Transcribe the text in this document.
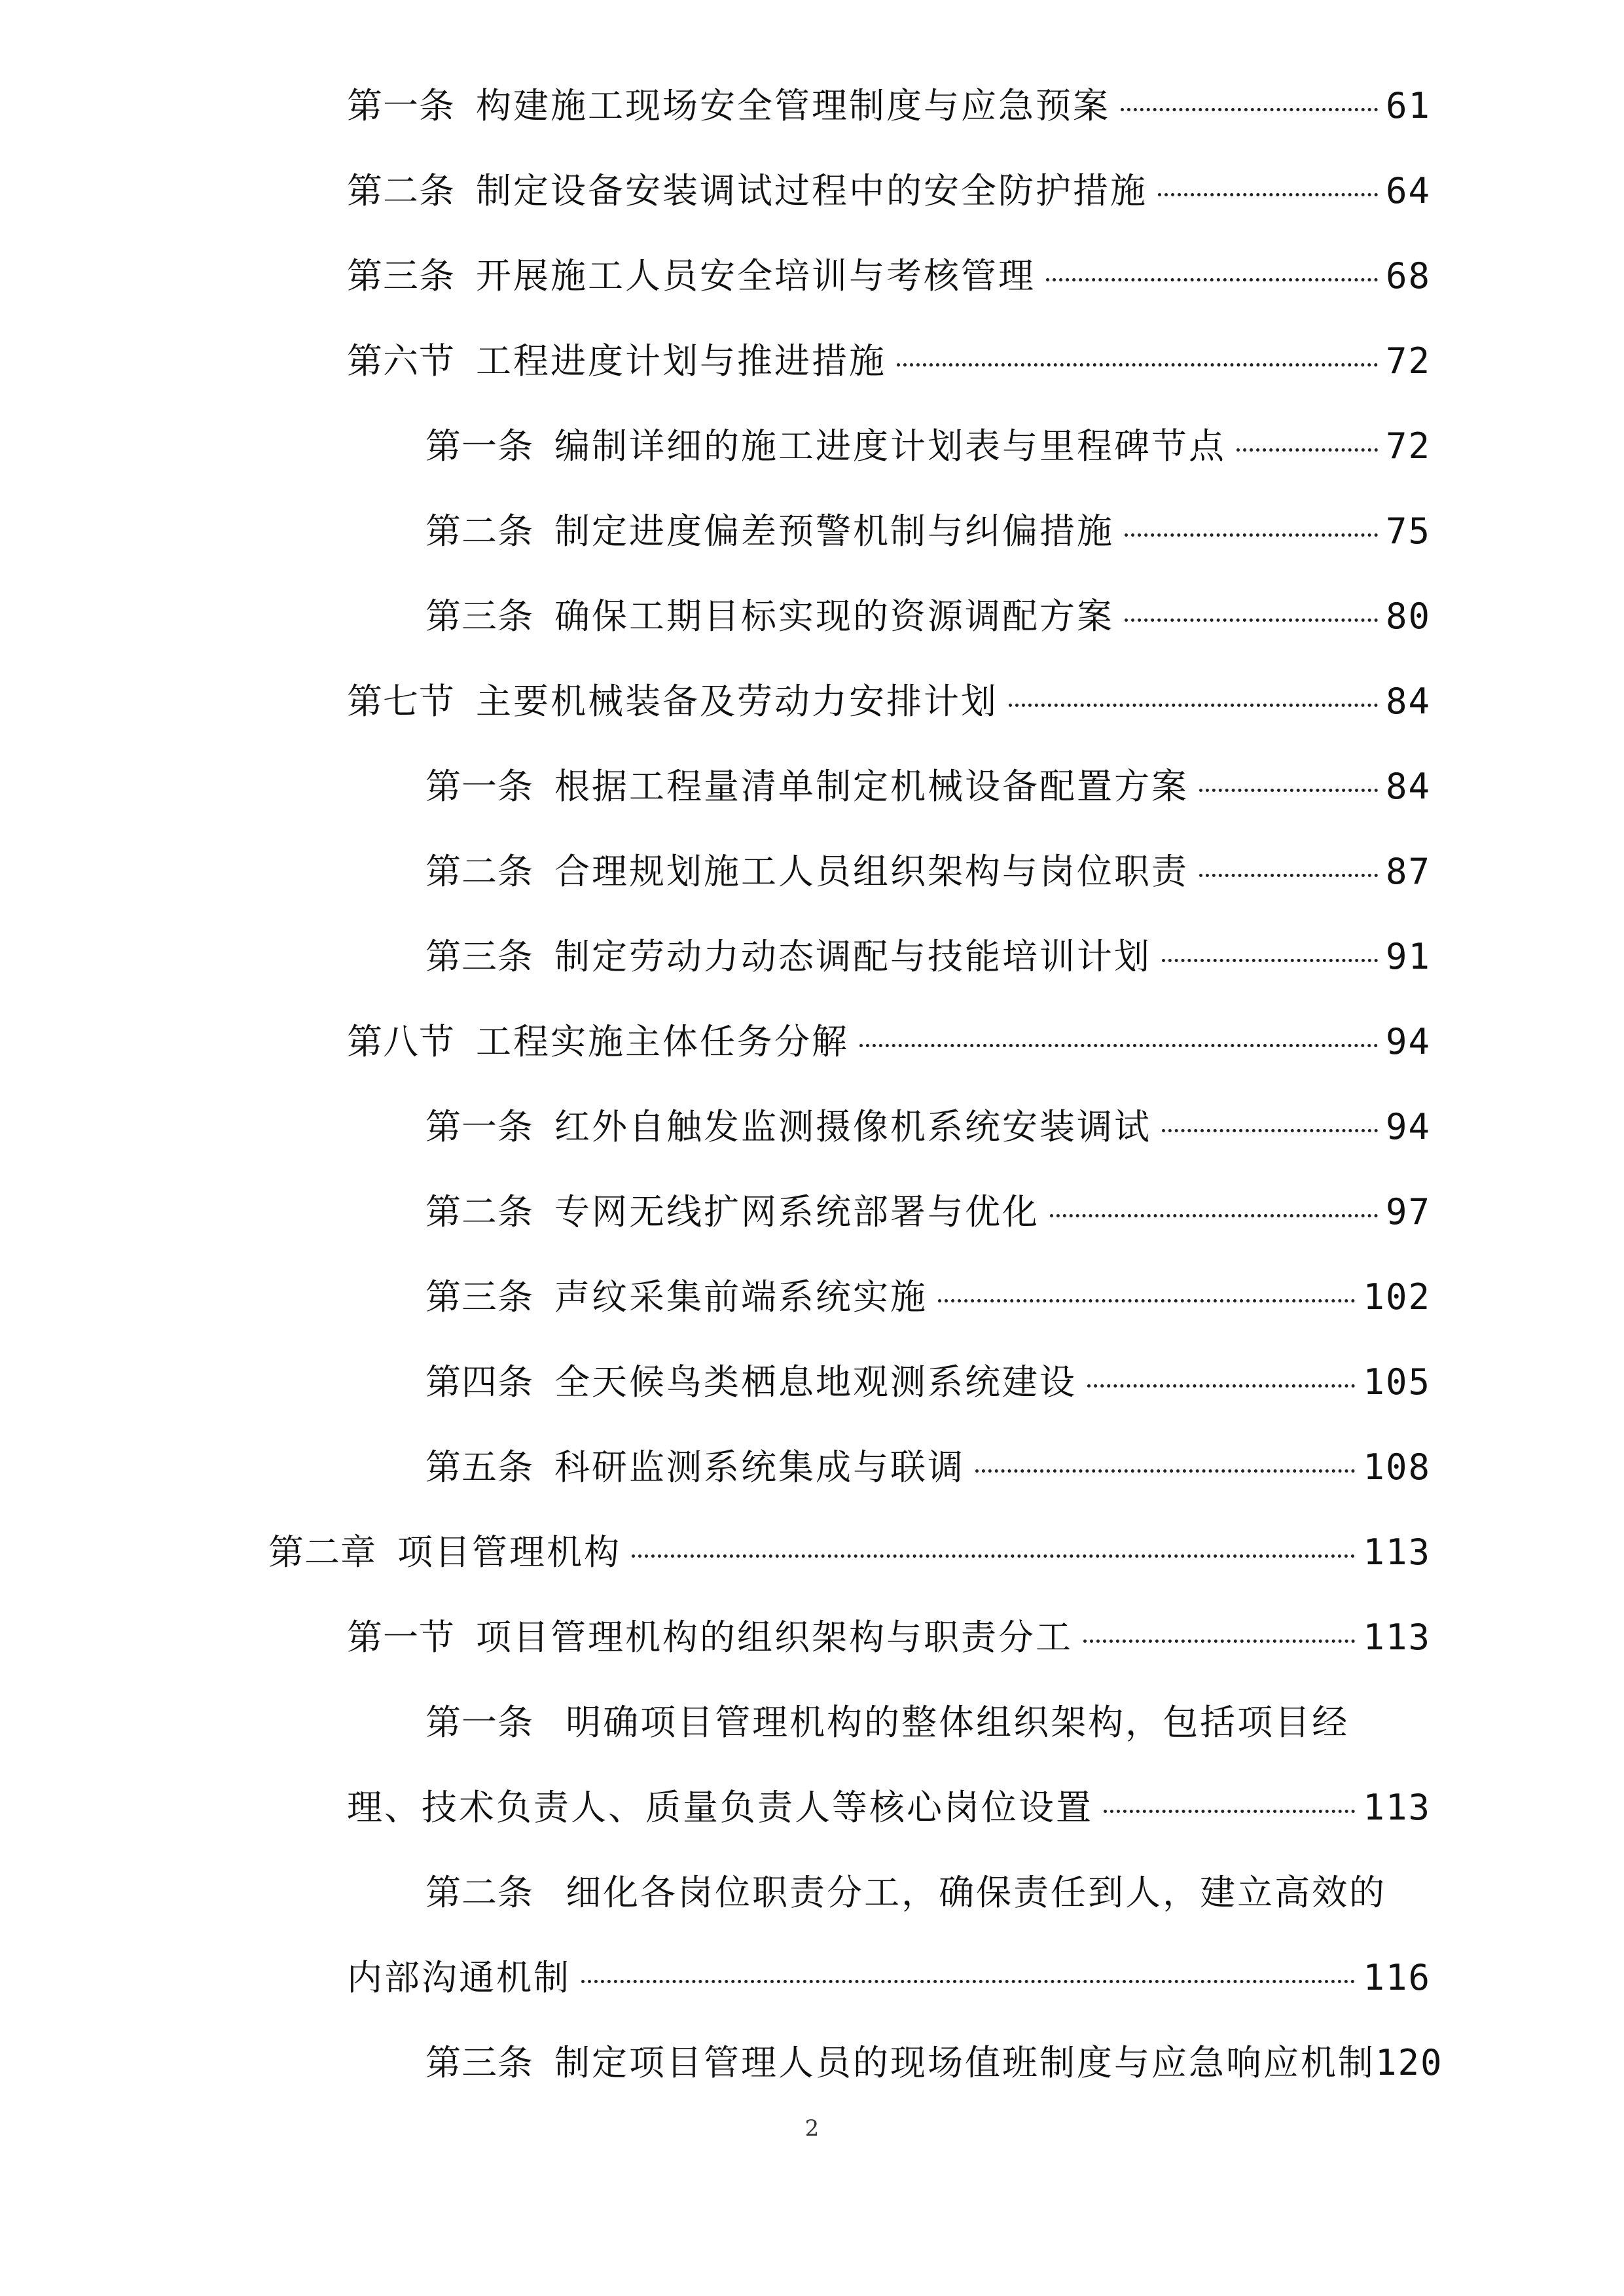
第一条 构建施工现场安全管理制度与应急预案	61
第二条 制定设备安装调试过程中的安全防护措施	64
第三条 开展施工人员安全培训与考核管理	68
第六节 工程进度计划与推进措施	72
第一条 编制详细的施工进度计划表与里程碑节点	72
第二条 制定进度偏差预警机制与纠偏措施	75
第三条 确保工期目标实现的资源调配方案	80
第七节 主要机械装备及劳动力安排计划	84
第一条 根据工程量清单制定机械设备配置方案	84
第二条 合理规划施工人员组织架构与岗位职责	87
第三条 制定劳动力动态调配与技能培训计划	91
第八节 工程实施主体任务分解	94
第一条 红外自触发监测摄像机系统安装调试	94
第二条 专网无线扩网系统部署与优化	97
第三条 声纹采集前端系统实施	102
第四条 全天候鸟类栖息地观测系统建设	105
第五条 科研监测系统集成与联调	108
第二章 项目管理机构	113
第一节 项目管理机构的组织架构与职责分工	113
第一条 明确项目管理机构的整体组织架构，包括项目经
理、技术负责人、质量负责人等核心岗位设置	113
第二条 细化各岗位职责分工，确保责任到人，建立高效的
内部沟通机制	116
第三条 制定项目管理人员的现场值班制度与应急响应机制 120
2
